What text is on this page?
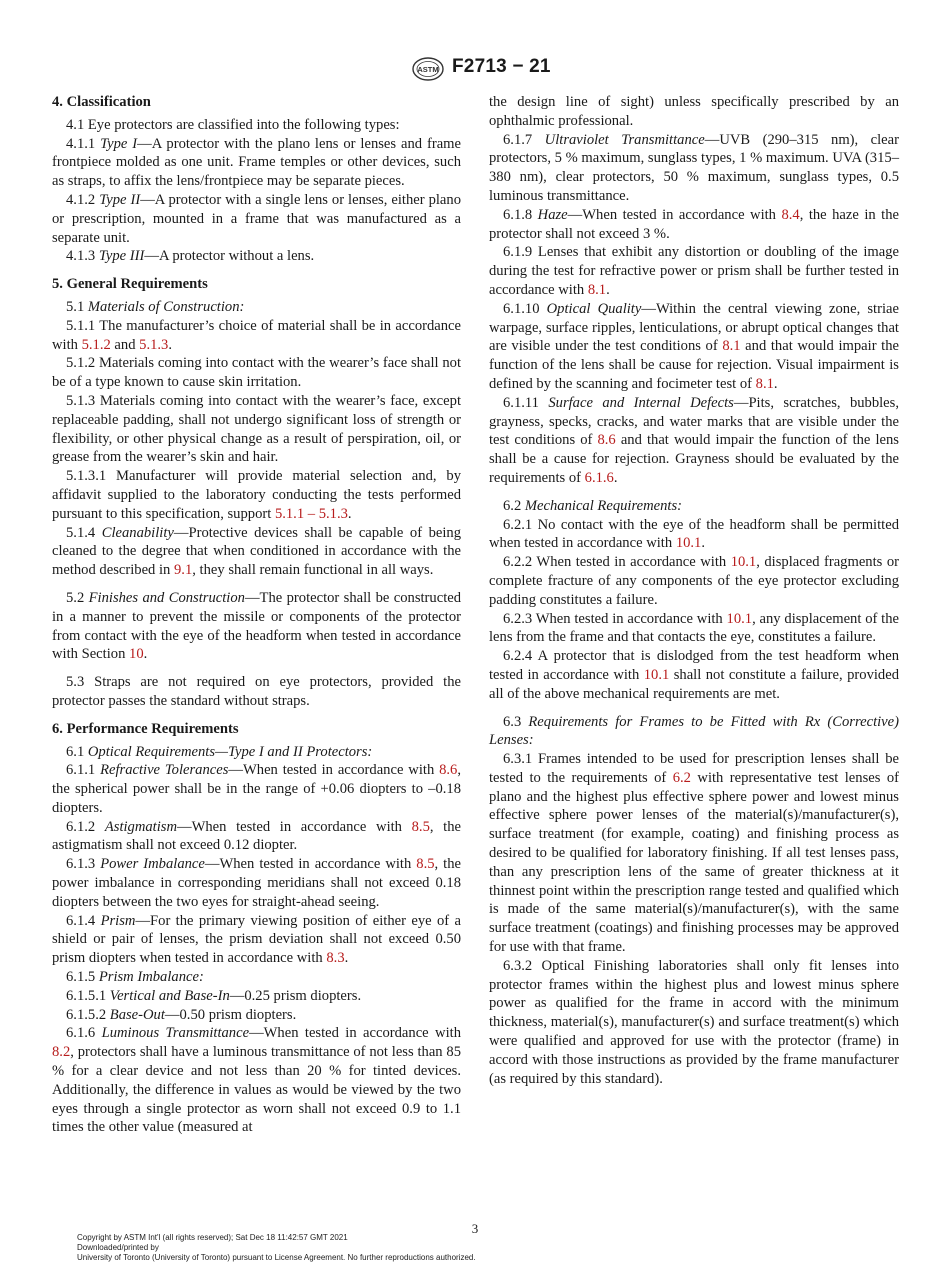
ASTM F2713 − 21
4. Classification

4.1 Eye protectors are classified into the following types:

4.1.1 Type I—A protector with the plano lens or lenses and frame frontpiece molded as one unit. Frame temples or other devices, such as straps, to affix the lens/frontpiece may be separate pieces.

4.1.2 Type II—A protector with a single lens or lenses, either plano or prescription, mounted in a frame that was manufactured as a separate unit.

4.1.3 Type III—A protector without a lens.

5. General Requirements

5.1 Materials of Construction:

5.1.1 The manufacturer’s choice of material shall be in accordance with 5.1.2 and 5.1.3.

5.1.2 Materials coming into contact with the wearer’s face shall not be of a type known to cause skin irritation.

5.1.3 Materials coming into contact with the wearer’s face, except replaceable padding, shall not undergo significant loss of strength or flexibility, or other physical change as a result of perspiration, oil, or grease from the wearer’s skin and hair.

5.1.3.1 Manufacturer will provide material selection and, by affidavit supplied to the laboratory conducting the tests performed pursuant to this specification, support 5.1.1 – 5.1.3.

5.1.4 Cleanability—Protective devices shall be capable of being cleaned to the degree that when conditioned in accordance with the method described in 9.1, they shall remain functional in all ways.

5.2 Finishes and Construction—The protector shall be constructed in a manner to prevent the missile or components of the protector from contact with the eye of the headform when tested in accordance with Section 10.

5.3 Straps are not required on eye protectors, provided the protector passes the standard without straps.

6. Performance Requirements

6.1 Optical Requirements—Type I and II Protectors:

6.1.1 Refractive Tolerances—When tested in accordance with 8.6, the spherical power shall be in the range of +0.06 diopters to –0.18 diopters.

6.1.2 Astigmatism—When tested in accordance with 8.5, the astigmatism shall not exceed 0.12 diopter.

6.1.3 Power Imbalance—When tested in accordance with 8.5, the power imbalance in corresponding meridians shall not exceed 0.18 diopters between the two eyes for straight-ahead seeing.

6.1.4 Prism—For the primary viewing position of either eye of a shield or pair of lenses, the prism deviation shall not exceed 0.50 prism diopters when tested in accordance with 8.3.

6.1.5 Prism Imbalance:

6.1.5.1 Vertical and Base-In—0.25 prism diopters.

6.1.5.2 Base-Out—0.50 prism diopters.

6.1.6 Luminous Transmittance—When tested in accordance with 8.2, protectors shall have a luminous transmittance of not less than 85 % for a clear device and not less than 20 % for tinted devices. Additionally, the difference in values as would be viewed by the two eyes through a single protector as worn shall not exceed 0.9 to 1.1 times the other value (measured at

the design line of sight) unless specifically prescribed by an ophthalmic professional.

6.1.7 Ultraviolet Transmittance—UVB (290–315 nm), clear protectors, 5 % maximum, sunglass types, 1 % maximum. UVA (315–380 nm), clear protectors, 50 % maximum, sunglass types, 0.5 luminous transmittance.

6.1.8 Haze—When tested in accordance with 8.4, the haze in the protector shall not exceed 3 %.

6.1.9 Lenses that exhibit any distortion or doubling of the image during the test for refractive power or prism shall be further tested in accordance with 8.1.

6.1.10 Optical Quality—Within the central viewing zone, striae warpage, surface ripples, lenticulations, or abrupt optical changes that are visible under the test conditions of 8.1 and that would impair the function of the lens shall be cause for rejection. Visual impairment is defined by the scanning and focimeter test of 8.1.

6.1.11 Surface and Internal Defects—Pits, scratches, bubbles, grayness, specks, cracks, and water marks that are visible under the test conditions of 8.6 and that would impair the function of the lens shall be a cause for rejection. Grayness should be evaluated by the requirements of 6.1.6.

6.2 Mechanical Requirements:

6.2.1 No contact with the eye of the headform shall be permitted when tested in accordance with 10.1.

6.2.2 When tested in accordance with 10.1, displaced fragments or complete fracture of any components of the eye protector excluding padding constitutes a failure.

6.2.3 When tested in accordance with 10.1, any displacement of the lens from the frame and that contacts the eye, constitutes a failure.

6.2.4 A protector that is dislodged from the test headform when tested in accordance with 10.1 shall not constitute a failure, provided all of the above mechanical requirements are met.

6.3 Requirements for Frames to be Fitted with Rx (Corrective) Lenses:

6.3.1 Frames intended to be used for prescription lenses shall be tested to the requirements of 6.2 with representative test lenses of plano and the highest plus effective sphere power and lowest minus effective sphere power lenses of the material(s)/manufacturer(s), surface treatment (for example, coating) and finishing process as desired to be qualified for laboratory finishing. If all test lenses pass, than any prescription lens of the same of greater thickness at it thinnest point within the prescription range tested and qualified which is made of the same material(s)/manufacturer(s), with the same surface treatment (coatings) and finishing processes may be approved for use with that frame.

6.3.2 Optical Finishing laboratories shall only fit lenses into protector frames within the highest plus and lowest minus sphere power as qualified for the frame in accord with the minimum thickness, material(s), manufacturer(s) and surface treatment(s) which were qualified and approved for use with the protector (frame) in accord with those instructions as provided by the frame manufacturer (as required by this standard).

3
Copyright by ASTM Int'l (all rights reserved); Sat Dec 18 11:42:57 GMT 2021
Downloaded/printed by
University of Toronto (University of Toronto) pursuant to License Agreement. No further reproductions authorized.
